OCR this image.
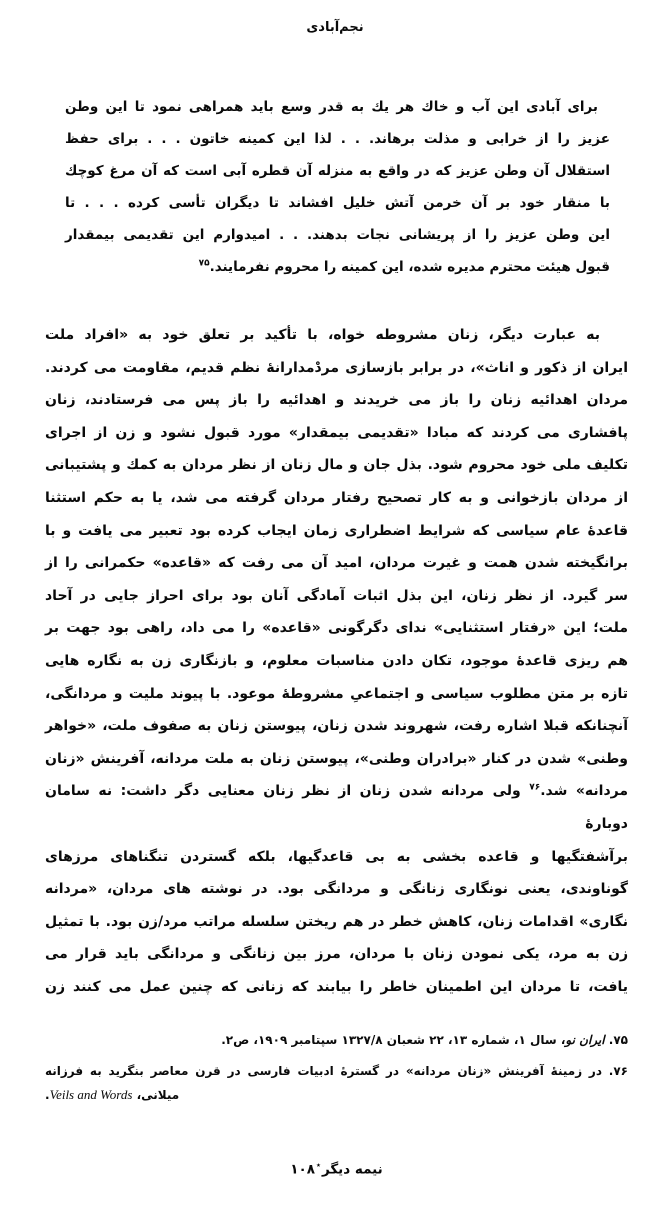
نجم‌آبادی
برای آبادی اين آب و خاك هر يك به قدر وسع بايد همراهی نمود تا اين وطن
عزيز را از خرابی و مذلت برهاند. . . لذا اين كمينه خاتون . . . برای حفظ
استقلال آن وطن عزيز كه در واقع به منزله آن قطره آبی است كه آن مرغ كوچك
با منقار خود بر آن خرمن آتش خليل افشاند تا ديگران تأسی كرده . . . تا
اين وطن عزيز را از پريشانی نجات بدهند. . . اميدوارم اين تقديمی بيمقدار
قبول هيئت محترم مديره شده، اين كمينه را محروم نفرمايند.$^{۷۵}$
به عبارت ديگر، زنان مشروطه خواه، با تأكيد بر تعلق خود به «افراد ملت
ايران از ذكور و اناث»، در برابر بازسازی مردْمدارانهٔ نظم قديم، مقاومت می كردند.
مردان اهدائيه زنان را باز می خريدند و اهدائيه را باز پس می فرستادند، زنان
پافشاری می كردند كه مبادا «تقديمی بيمقدار» مورد قبول نشود و زن از اجرای
تكليف ملی خود محروم شود. بذل جان و مال زنان از نظر مردان به كمك و پشتيبانی
از مردان بازخوانی و به كار تصحيح رفتار مردان گرفته می شد، يا به حكم استثنا
قاعدهٔ عام سياسی كه شرايط اضطراری زمان ايجاب كرده بود تعبير می يافت و با
برانگيخته شدن همت و غيرت مردان، اميد آن می رفت كه «قاعده» حكمرانی را از
سر گيرد. از نظر زنان، اين بذل اثبات آمادگی آنان بود برای احراز جايی در آحاد
ملت؛ اين «رفتار استثنايی» ندای دگرگونی «قاعده» را می داد، راهی بود جهت بر
هم ريزی قاعدهٔ موجود، تكان دادن مناسبات معلوم، و بازنگاری زن به نگاره هايی
تازه بر متن مطلوب سياسی و اجتماعیِ مشروطهٔ موعود. با پيوند مليت و مردانگی،
آنچنانكه قبلا اشاره رفت، شهروند شدن زنان، پيوستن زنان به صفوف ملت، «خواهر
وطنی» شدن در كنار «برادران وطنی»، پيوستن زنان به ملت مردانه، آفرينش «زنان
مردانه» شد.$^{۷۶}$ ولی مردانه شدن زنان از نظر زنان معنايی دگر داشت: نه سامان دوبارهٔ
برآشفتگيها و قاعده بخشی به بی قاعدگيها، بلكه گستردن تنگناهای مرزهای
گوناوندی، يعنی نونگاری زنانگی و مردانگی بود. در نوشته های مردان، «مردانه
نگاری» اقدامات زنان، كاهش خطر در هم ريختن سلسله مراتب مرد/زن بود. با تمثيل
زن به مرد، يكی نمودن زنان با مردان، مرز بين زنانگی و مردانگی بايد قرار می
يافت، تا مردان اين اطمينان خاطر را بيابند كه زنانی كه چنين عمل می كنند زن
۷۵. ايران نو، سال ۱، شماره ۱۳، ۲۲ شعبان ۱۳۲۷/۸ سپتامبر ۱۹۰۹، ص۲.
۷۶. در زمينهٔ آفرينش «زنان مردانه» در گسترهٔ ادبيات فارسی در قرن معاصر بنگريد به فرزانه
ميلانی، Veils and Words.
نيمه ديگر٭۱۰۸
